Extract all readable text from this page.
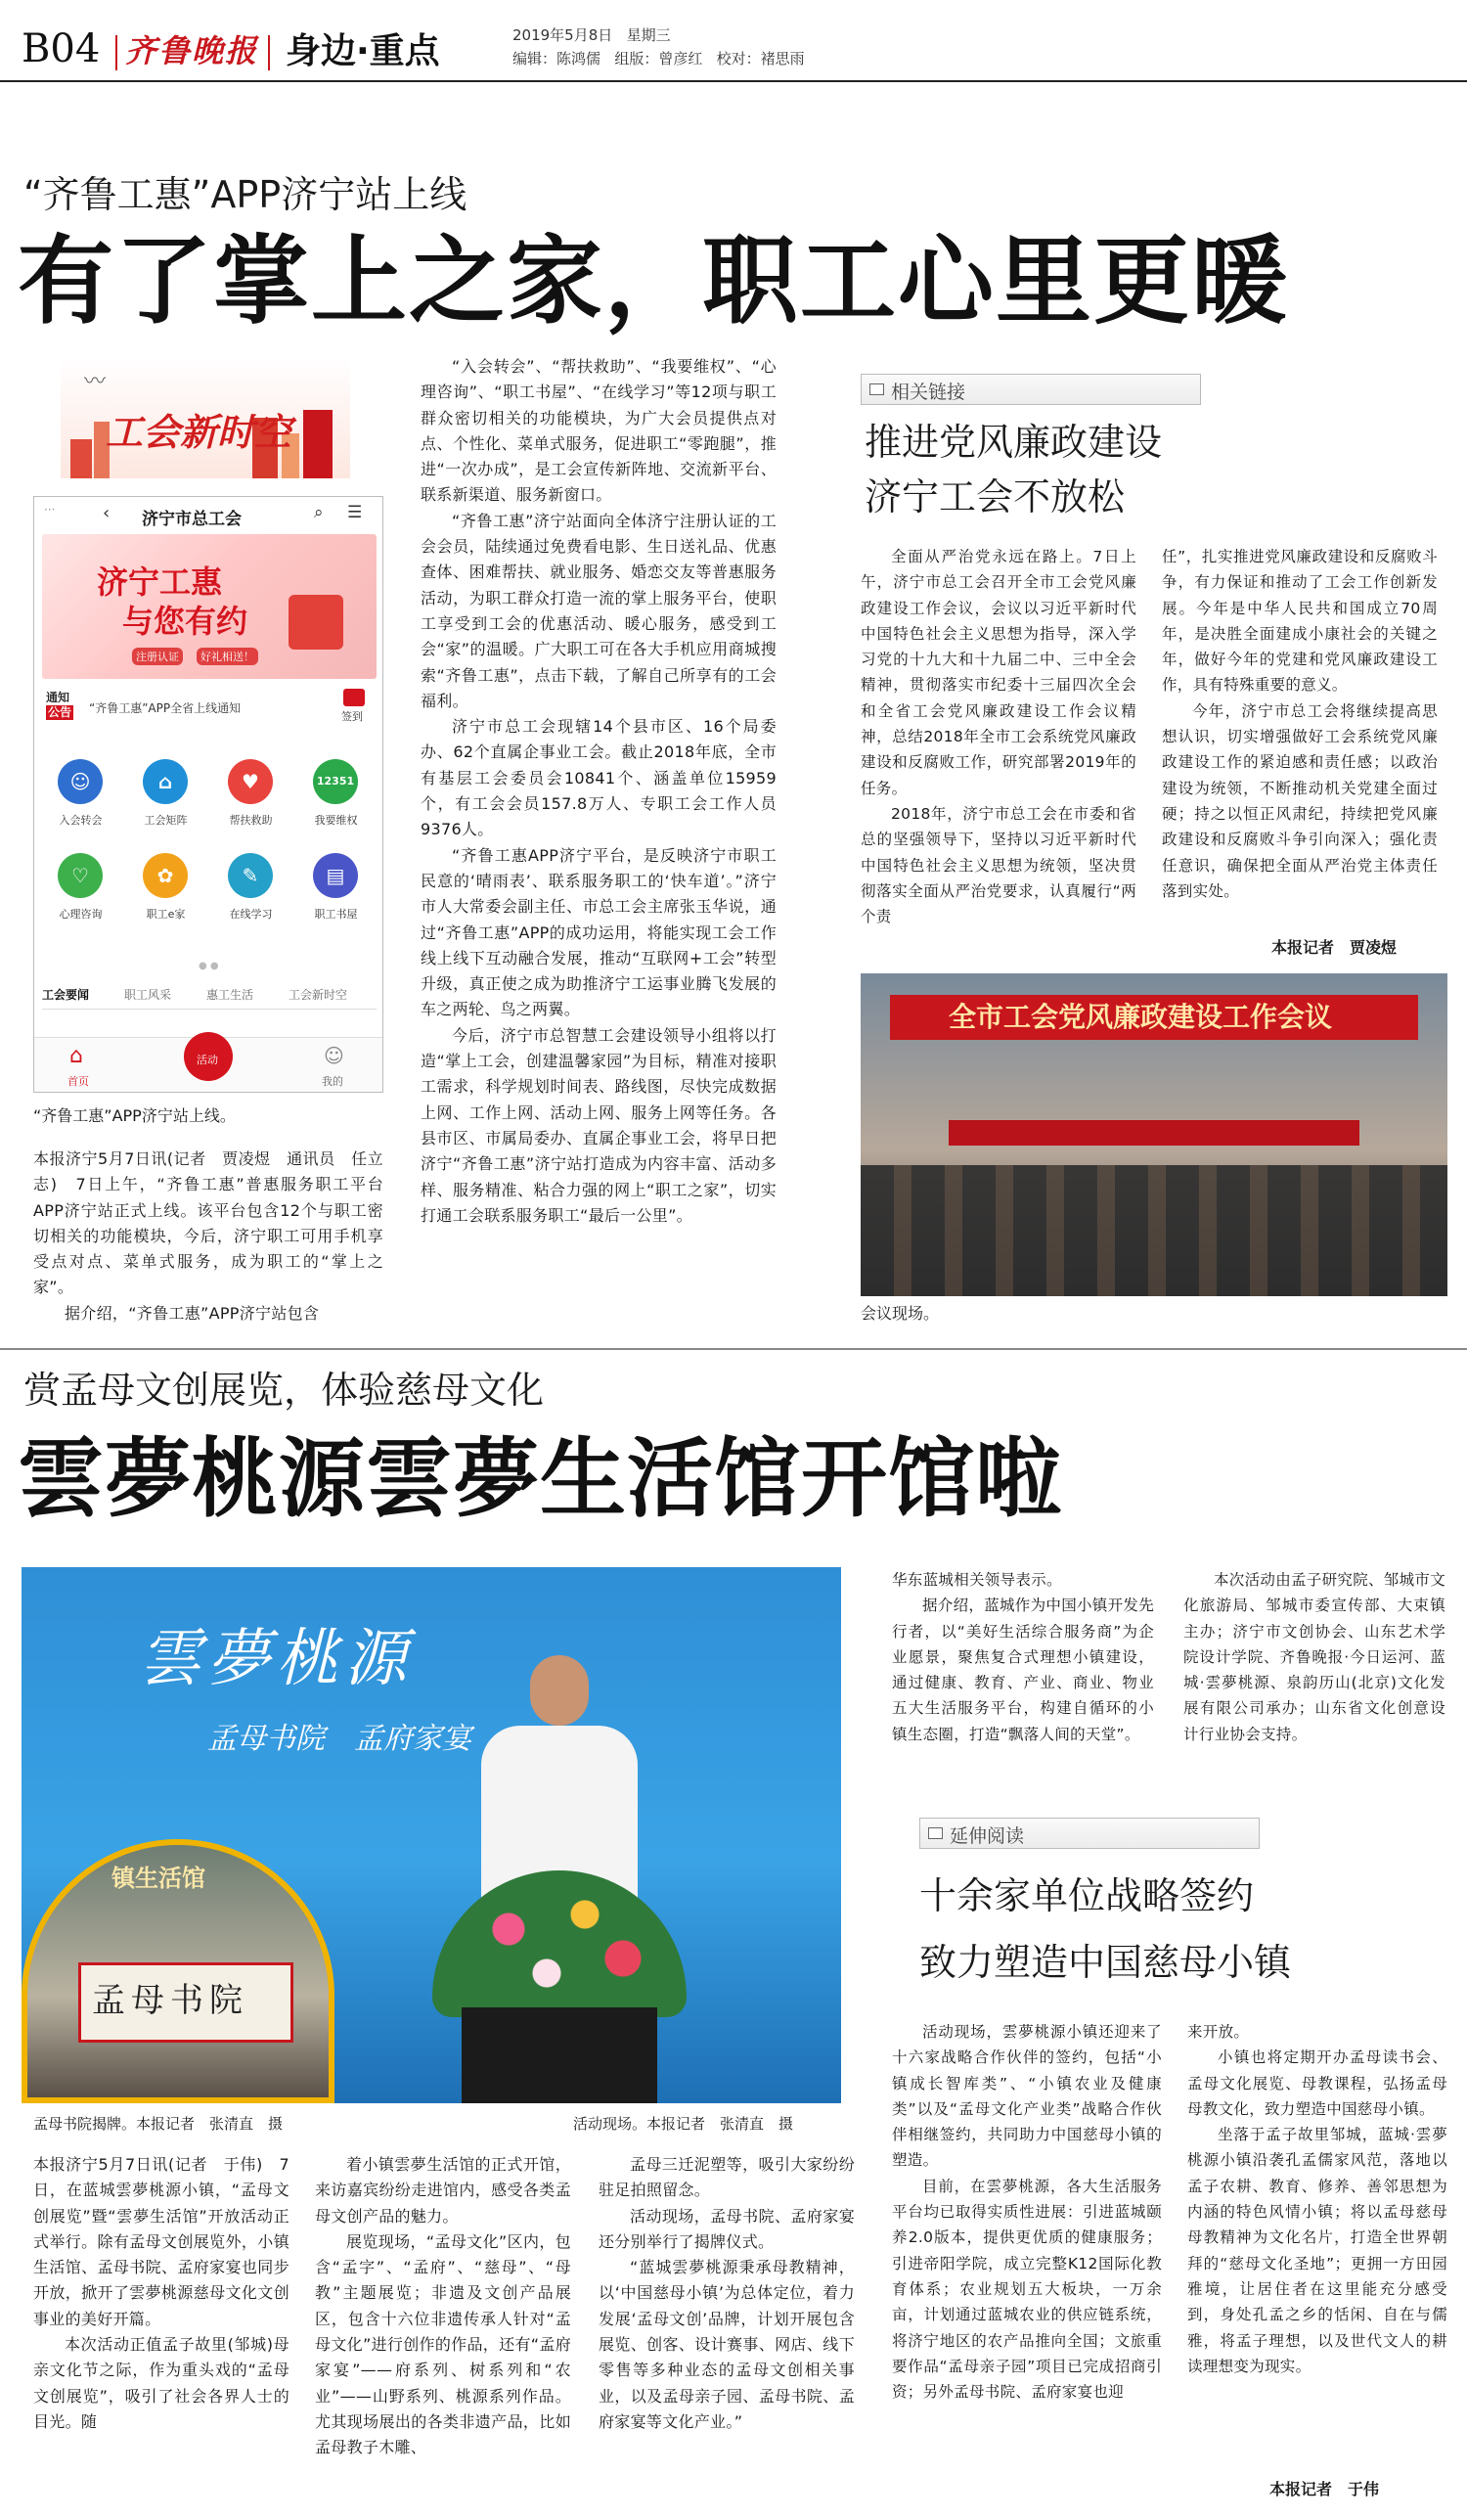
B04 齐鲁晚报 身边·重点	2019年5月8日 星期三
编辑：陈鸿儒 组版：曾彦红 校对：褚思雨
“齐鲁工惠”APP济宁站上线
有了掌上之家，职工心里更暖
〰
工会新时空
···	‹ 济宁市总工会	⌕ ☰
济宁工惠
与您有约
注册认证	好礼相送！
通知
公告 “齐鲁工惠”APP全省上线通知
签到
☺
入会转会
⌂
工会矩阵
♥
帮扶救助
12351
我要维权
♡
心理咨询
✿
职工e家
✎
在线学习
▤
职工书屋
● ●
工会要闻	职工风采	惠工生活	工会新时空
⌂
首页
活动	☺
我的
“齐鲁工惠”APP济宁站上线。

本报济宁5月7日讯(记者　贾凌煜　通讯员　任立志)　7日上午，“齐鲁工惠”普惠服务职工平台APP济宁站正式上线。该平台包含12个与职工密切相关的功能模块，今后，济宁职工可用手机享受点对点、菜单式服务，成为职工的“掌上之家”。

据介绍，“齐鲁工惠”APP济宁站包含

“入会转会”、“帮扶救助”、“我要维权”、“心理咨询”、“职工书屋”、“在线学习”等12项与职工群众密切相关的功能模块，为广大会员提供点对点、个性化、菜单式服务，促进职工“零跑腿”，推进“一次办成”，是工会宣传新阵地、交流新平台、联系新渠道、服务新窗口。

“齐鲁工惠”济宁站面向全体济宁注册认证的工会会员，陆续通过免费看电影、生日送礼品、优惠查体、困难帮扶、就业服务、婚恋交友等普惠服务活动，为职工群众打造一流的掌上服务平台，使职工享受到工会的优惠活动、暖心服务，感受到工会“家”的温暖。广大职工可在各大手机应用商城搜索“齐鲁工惠”，点击下载，了解自己所享有的工会福利。

济宁市总工会现辖14个县市区、16个局委办、62个直属企事业工会。截止2018年底，全市有基层工会委员会10841个、涵盖单位15959个，有工会会员157.8万人、专职工会工作人员9376人。

“齐鲁工惠APP济宁平台，是反映济宁市职工民意的‘晴雨表’、联系服务职工的‘快车道’。”济宁市人大常委会副主任、市总工会主席张玉华说，通过“齐鲁工惠”APP的成功运用，将能实现工会工作线上线下互动融合发展，推动“互联网+工会”转型升级，真正使之成为助推济宁工运事业腾飞发展的车之两轮、鸟之两翼。

今后，济宁市总智慧工会建设领导小组将以打造“掌上工会，创建温馨家园”为目标，精准对接职工需求，科学规划时间表、路线图，尽快完成数据上网、工作上网、活动上网、服务上网等任务。各县市区、市属局委办、直属企事业工会，将早日把济宁“齐鲁工惠”济宁站打造成为内容丰富、活动多样、服务精准、粘合力强的网上“职工之家”，切实打通工会联系服务职工“最后一公里”。

相关链接
推进党风廉政建设
济宁工会不放松

全面从严治党永远在路上。7日上午，济宁市总工会召开全市工会党风廉政建设工作会议，会议以习近平新时代中国特色社会主义思想为指导，深入学习党的十九大和十九届二中、三中全会精神，贯彻落实市纪委十三届四次全会和全省工会党风廉政建设工作会议精神，总结2018年全市工会系统党风廉政建设和反腐败工作，研究部署2019年的任务。

2018年，济宁市总工会在市委和省总的坚强领导下，坚持以习近平新时代中国特色社会主义思想为统领，坚决贯彻落实全面从严治党要求，认真履行“两个责

任”，扎实推进党风廉政建设和反腐败斗争，有力保证和推动了工会工作创新发展。今年是中华人民共和国成立70周年，是决胜全面建成小康社会的关键之年，做好今年的党建和党风廉政建设工作，具有特殊重要的意义。

今年，济宁市总工会将继续提高思想认识，切实增强做好工会系统党风廉政建设工作的紧迫感和责任感；以政治建设为统领，不断推动机关党建全面过硬；持之以恒正风肃纪，持续把党风廉政建设和反腐败斗争引向深入；强化责任意识，确保把全面从严治党主体责任落到实处。

本报记者　贾凌煜
全市工会党风廉政建设工作会议
会议现场。
赏孟母文创展览，体验慈母文化
雲夢桃源雲夢生活馆开馆啦
雲夢桃源
孟母书院　孟府家宴
镇生活馆
孟母书院
孟母书院揭牌。本报记者　张清直　摄	活动现场。本报记者　张清直　摄

本报济宁5月7日讯(记者　于伟)　7日，在蓝城雲夢桃源小镇，“孟母文创展览”暨“雲夢生活馆”开放活动正式举行。除有孟母文创展览外，小镇生活馆、孟母书院、孟府家宴也同步开放，掀开了雲夢桃源慈母文化文创事业的美好开篇。

本次活动正值孟子故里(邹城)母亲文化节之际，作为重头戏的“孟母文创展览”，吸引了社会各界人士的目光。随

着小镇雲夢生活馆的正式开馆，来访嘉宾纷纷走进馆内，感受各类孟母文创产品的魅力。

展览现场，“孟母文化”区内，包含“孟字”、“孟府”、“慈母”、“母教”主题展览；非遗及文创产品展区，包含十六位非遗传承人针对“孟母文化”进行创作的作品，还有“孟府家宴”——府系列、树系列和“农业”——山野系列、桃源系列作品。尤其现场展出的各类非遗产品，比如孟母教子木雕、

孟母三迁泥塑等，吸引大家纷纷驻足拍照留念。

活动现场，孟母书院、孟府家宴还分别举行了揭牌仪式。

“蓝城雲夢桃源秉承母教精神，以‘中国慈母小镇’为总体定位，着力发展‘孟母文创’品牌，计划开展包含展览、创客、设计赛事、网店、线下零售等多种业态的孟母文创相关事业，以及孟母亲子园、孟母书院、孟府家宴等文化产业。”

华东蓝城相关领导表示。

据介绍，蓝城作为中国小镇开发先行者，以“美好生活综合服务商”为企业愿景，聚焦复合式理想小镇建设，通过健康、教育、产业、商业、物业五大生活服务平台，构建自循环的小镇生态圈，打造“飘落人间的天堂”。

本次活动由孟子研究院、邹城市文化旅游局、邹城市委宣传部、大束镇主办；济宁市文创协会、山东艺术学院设计学院、齐鲁晚报·今日运河、蓝城·雲夢桃源、泉韵历山(北京)文化发展有限公司承办；山东省文化创意设计行业协会支持。

延伸阅读
十余家单位战略签约
致力塑造中国慈母小镇

活动现场，雲夢桃源小镇还迎来了十六家战略合作伙伴的签约，包括“小镇成长智库类”、“小镇农业及健康类”以及“孟母文化产业类”战略合作伙伴相继签约，共同助力中国慈母小镇的塑造。

目前，在雲夢桃源，各大生活服务平台均已取得实质性进展：引进蓝城颐养2.0版本，提供更优质的健康服务；引进帝阳学院，成立完整K12国际化教育体系；农业规划五大板块，一万余亩，计划通过蓝城农业的供应链系统，将济宁地区的农产品推向全国；文旅重要作品“孟母亲子园”项目已完成招商引资；另外孟母书院、孟府家宴也迎

来开放。

小镇也将定期开办孟母读书会、孟母文化展览、母教课程，弘扬孟母母教文化，致力塑造中国慈母小镇。

坐落于孟子故里邹城，蓝城·雲夢桃源小镇沿袭孔孟儒家风范，落地以孟子农耕、教育、修养、善邻思想为内涵的特色风情小镇；将以孟母慈母母教精神为文化名片，打造全世界朝拜的“慈母文化圣地”；更拥一方田园雅境，让居住者在这里能充分感受到，身处孔孟之乡的恬闲、自在与儒雅，将孟子理想，以及世代文人的耕读理想变为现实。

本报记者　于伟
